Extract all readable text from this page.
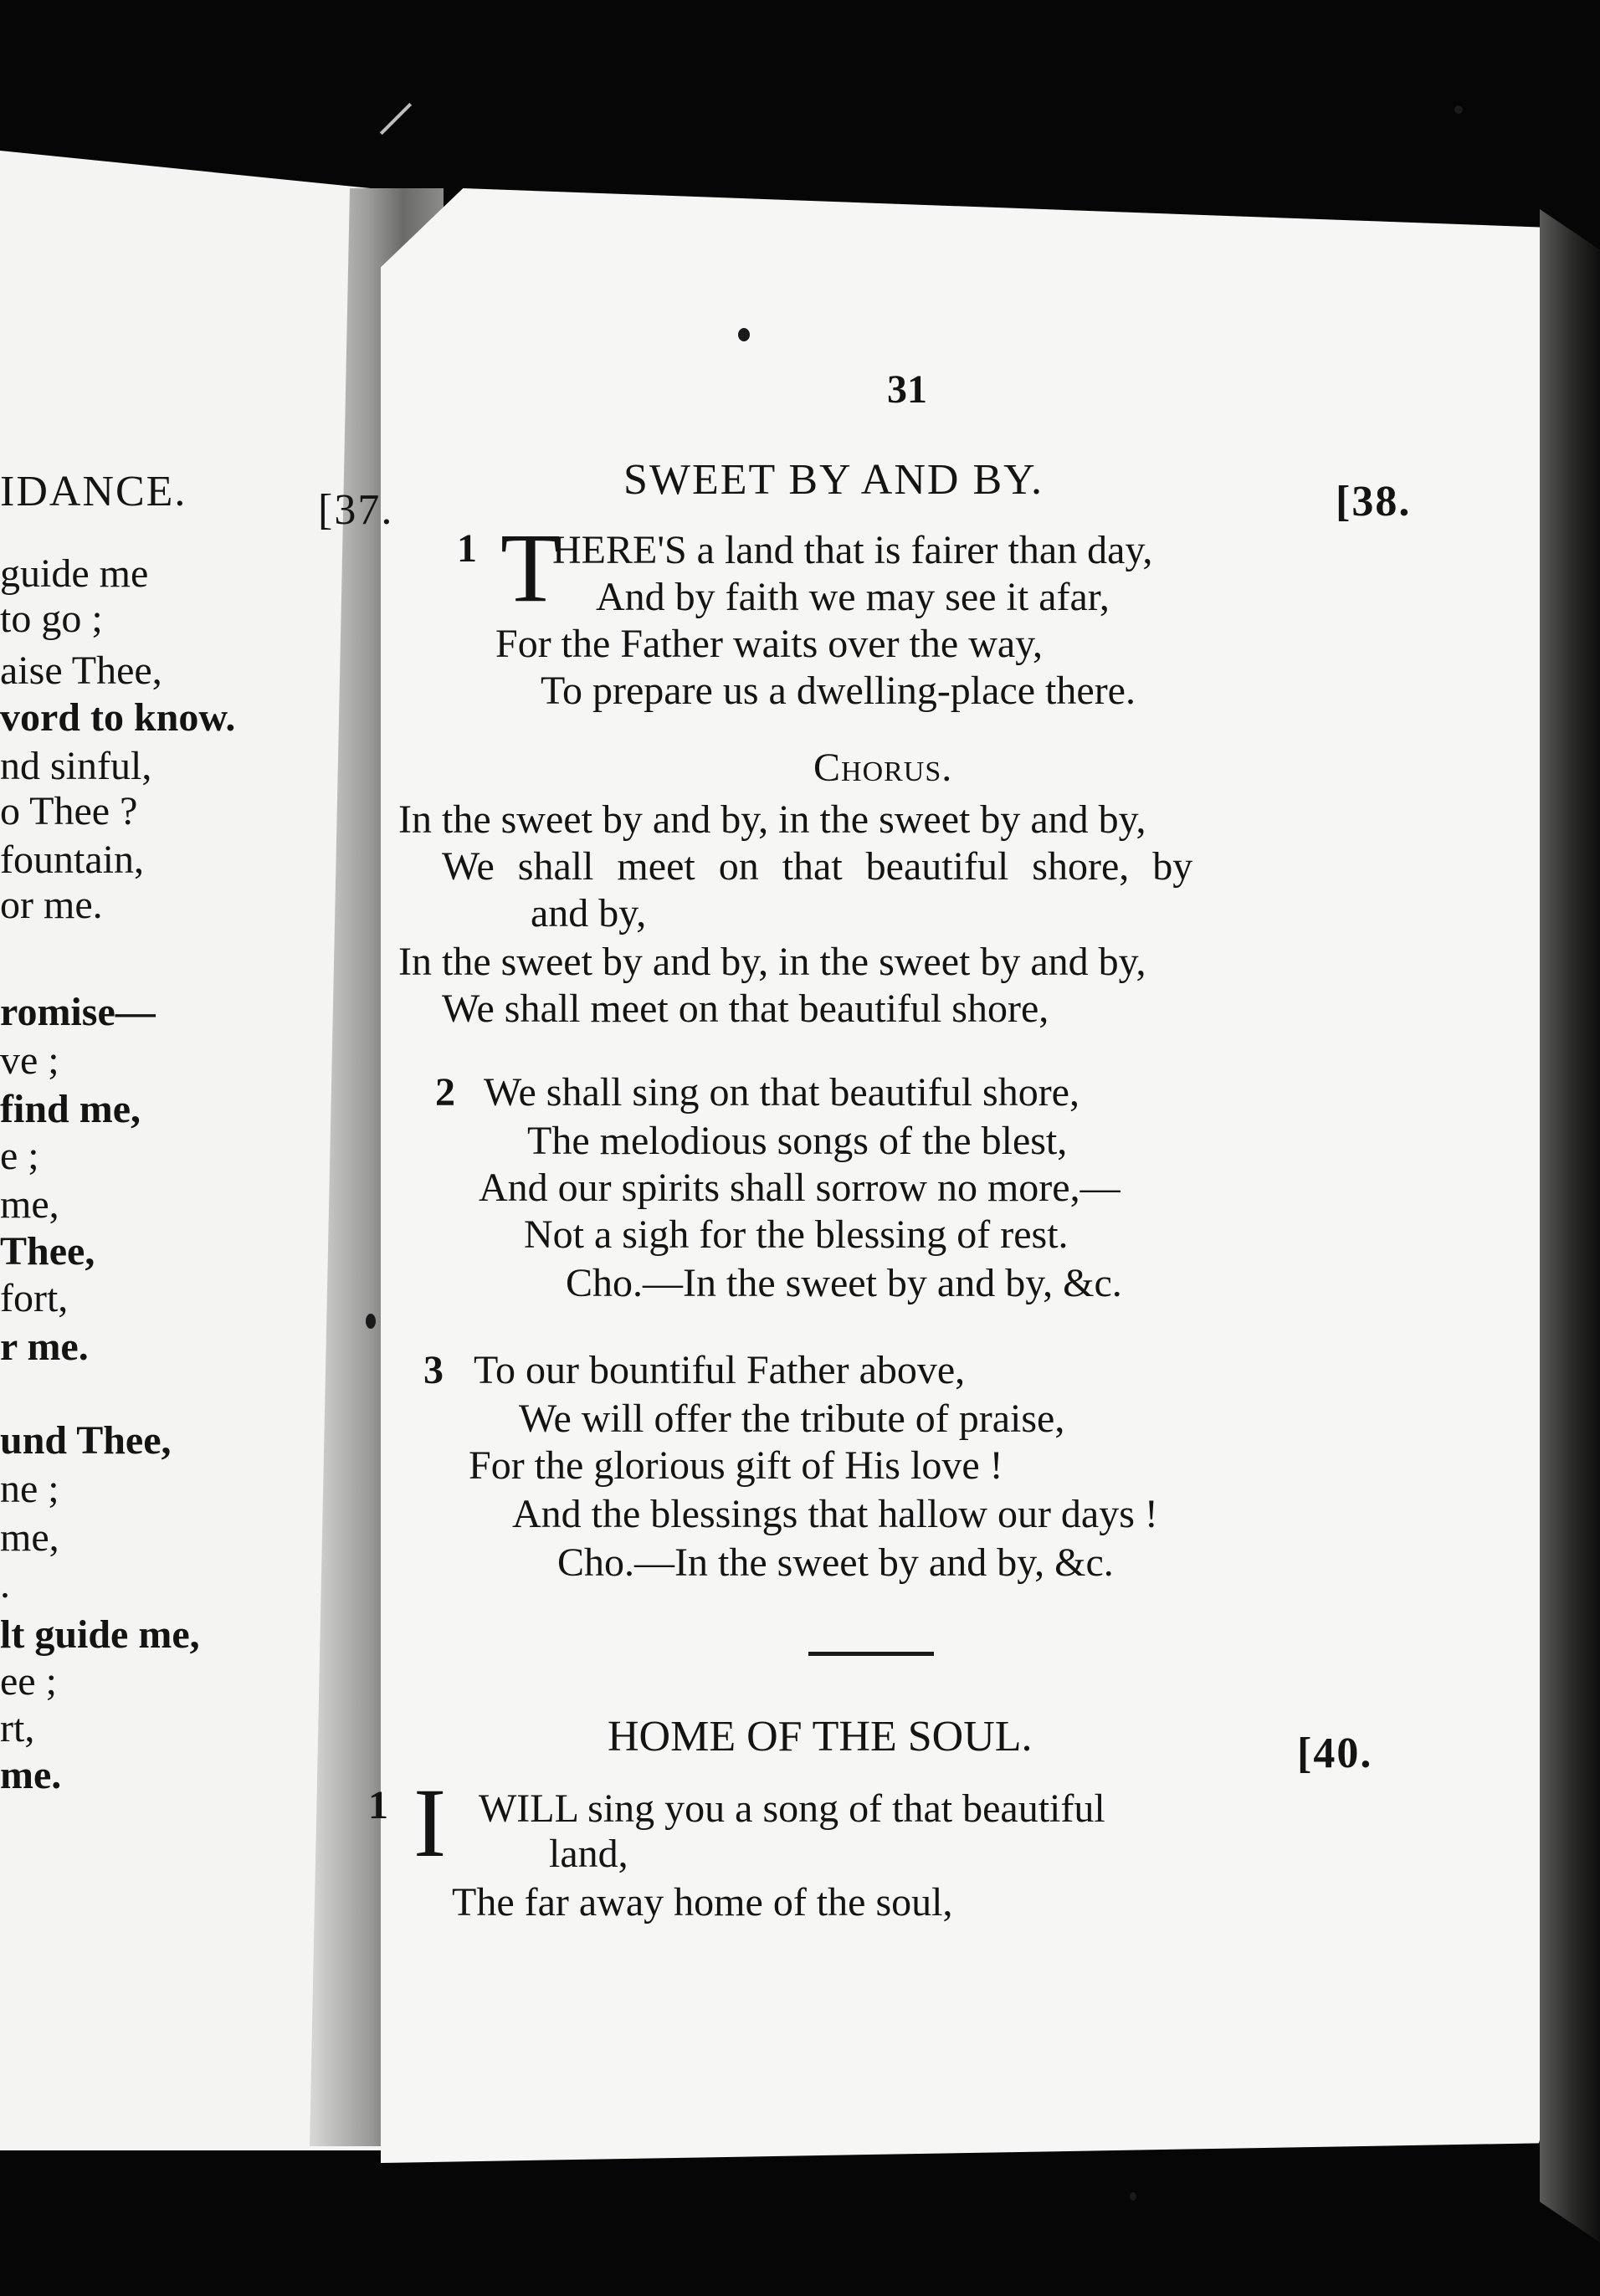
IDANCE.	[37.
guide me
to go ;
aise Thee,
vord to know.
nd sinful,
o Thee ?
fountain,
or me.
romise—
ve ;
find me,
e ;
me,
Thee,
fort,
r me.
und Thee,
ne ;
me,
.
lt guide me,
ee ;
rt,
me.
31
SWEET BY AND BY.	[38.
1 T
HERE'S a land that is fairer than day,
And by faith we may see it afar,
For the Father waits over the way,
To prepare us a dwelling-place there.
Chorus.
In the sweet by and by, in the sweet by and by,
We shall meet on that beautiful shore, by
and by,
In the sweet by and by, in the sweet by and by,
We shall meet on that beautiful shore,
2 We shall sing on that beautiful shore,
The melodious songs of the blest,
And our spirits shall sorrow no more,—
Not a sigh for the blessing of rest.
Cho.—In the sweet by and by, &c.
3 To our bountiful Father above,
We will offer the tribute of praise,
For the glorious gift of His love !
And the blessings that hallow our days !
Cho.—In the sweet by and by, &c.
HOME OF THE SOUL.	[40.
1 I WILL sing you a song of that beautiful
land,
The far away home of the soul,
